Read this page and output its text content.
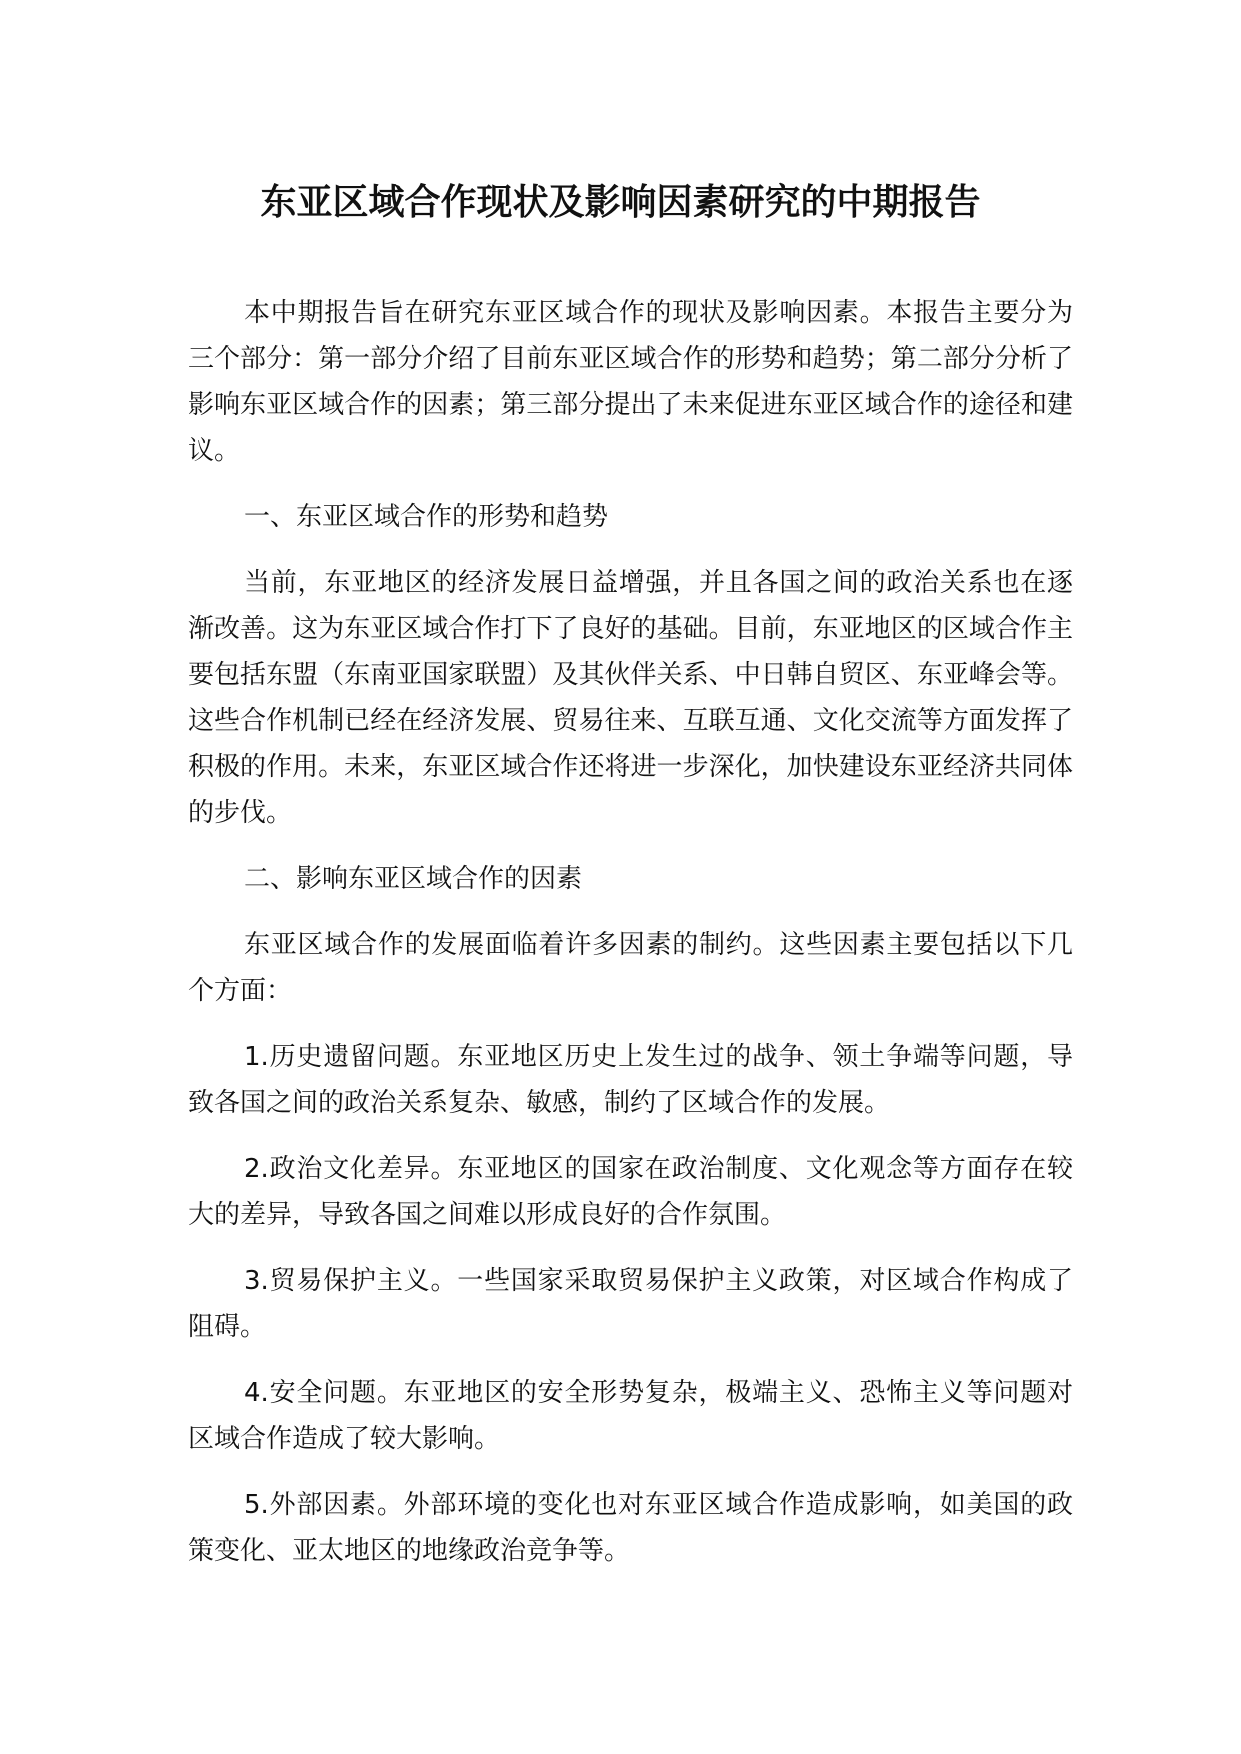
东亚区域合作现状及影响因素研究的中期报告

本中期报告旨在研究东亚区域合作的现状及影响因素。本报告主要分为三个部分：第一部分介绍了目前东亚区域合作的形势和趋势；第二部分分析了影响东亚区域合作的因素；第三部分提出了未来促进东亚区域合作的途径和建议。

一、东亚区域合作的形势和趋势

当前，东亚地区的经济发展日益增强，并且各国之间的政治关系也在逐渐改善。这为东亚区域合作打下了良好的基础。目前，东亚地区的区域合作主要包括东盟（东南亚国家联盟）及其伙伴关系、中日韩自贸区、东亚峰会等。这些合作机制已经在经济发展、贸易往来、互联互通、文化交流等方面发挥了积极的作用。未来，东亚区域合作还将进一步深化，加快建设东亚经济共同体的步伐。

二、影响东亚区域合作的因素

东亚区域合作的发展面临着许多因素的制约。这些因素主要包括以下几个方面：

1.历史遗留问题。东亚地区历史上发生过的战争、领土争端等问题，导致各国之间的政治关系复杂、敏感，制约了区域合作的发展。

2.政治文化差异。东亚地区的国家在政治制度、文化观念等方面存在较大的差异，导致各国之间难以形成良好的合作氛围。

3.贸易保护主义。一些国家采取贸易保护主义政策，对区域合作构成了阻碍。

4.安全问题。东亚地区的安全形势复杂，极端主义、恐怖主义等问题对区域合作造成了较大影响。

5.外部因素。外部环境的变化也对东亚区域合作造成影响，如美国的政策变化、亚太地区的地缘政治竞争等。
